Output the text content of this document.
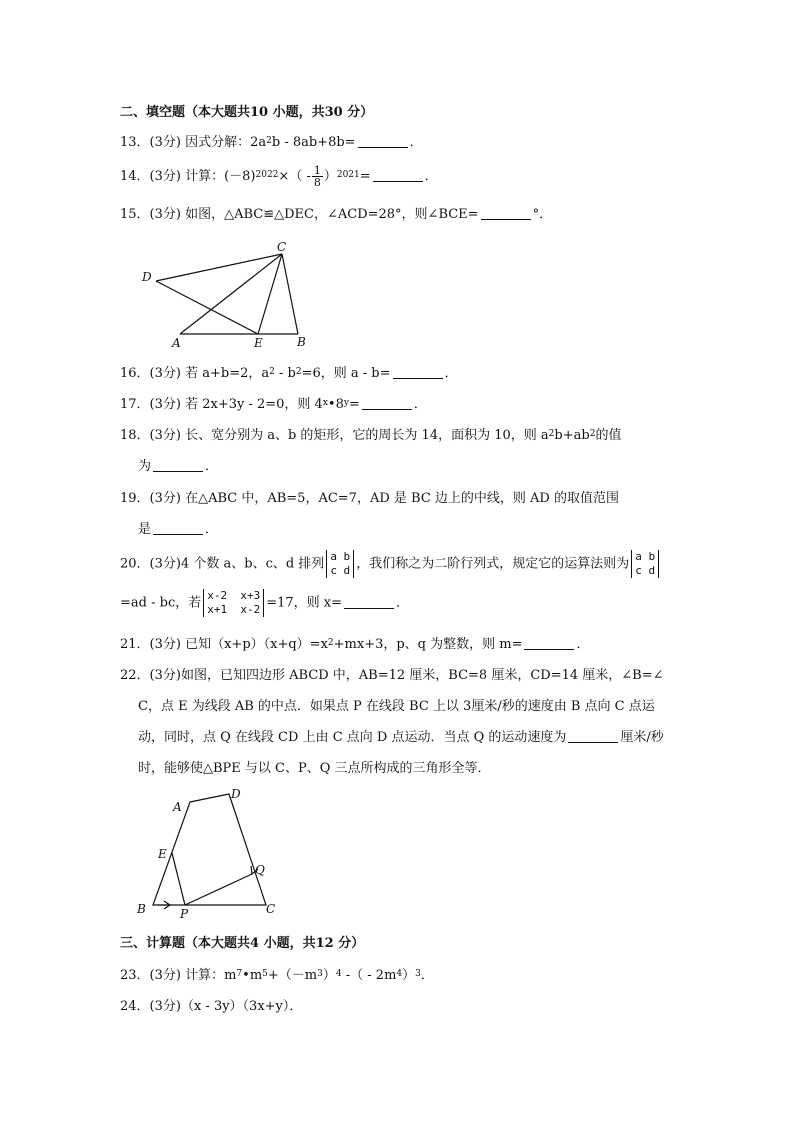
二、填空题（本大题共10 小题，共30 分）
13．(3分) 因式分解：$2a^2b - 8ab+8b=$	．
14．(3分) 计算：$(-8)^{2022}\times( - \frac{1}{8} )^{2021}=$	．
15．(3分) 如图，△ABC≌△DEC，∠ACD=28°，则∠BCE=	°．
D
C
A	E	B
A
D
E
Q
B	P	C
16．(3分) 若 a+b=2，$a^2 - b^2=6$，则 a - b=	．
17．(3分) 若 2x+3y - 2=0，则 $4^x•8^y=$	．
18．(3分) 长、宽分别为 a、b 的矩形，它的周长为 14，面积为 10，则 $a^2b+ab^2$的值
为	．
19．(3分) 在△ABC 中，AB=5，AC=7，AD 是 BC 边上的中线，则 AD 的取值范围
是	．
20．(3分)4 个数 a、b、c、d 排列 a b
c d ，我们称之为二阶行列式，规定它的运算法则为 a b
c d
=ad - bc，若 x-2  x+3
x+1  x-2 =17，则 x=	．
21．(3分) 已知$(x+p)(x+q)=x^2+mx+3$，p、q 为整数，则 m=	．
22．(3分)如图，已知四边形 ABCD 中，AB=12 厘米，BC=8 厘米，CD=14 厘米，∠B=∠
C，点 E 为线段 AB 的中点．如果点 P 在线段 BC 上以 3厘米/秒的速度由 B 点向 C 点运
动，同时，点 Q 在线段 CD 上由 C 点向 D 点运动．当点 Q 的运动速度为	厘米/秒
时，能够使△BPE 与以 C、P、Q 三点所构成的三角形全等．
三、计算题（本大题共4 小题，共12 分）
23．(3分) 计算：$m^7•m^5+(-m^3)^4$ -（ - $2m^4)^3$．
24．(3分)（x - 3y）（3x+y）．
